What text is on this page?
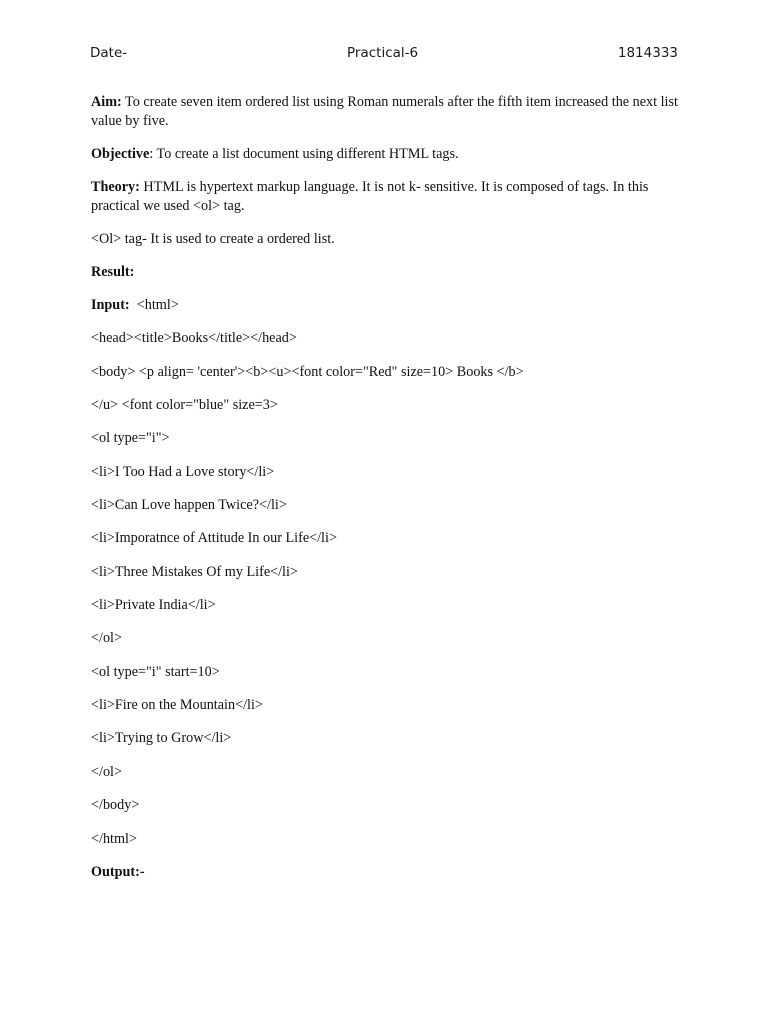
Date-	Practical-6	1814333

Aim: To create seven item ordered list using Roman numerals after the fifth item increased the next list value by five.

Objective: To create a list document using different HTML tags.

Theory: HTML is hypertext markup language. It is not k- sensitive. It is composed of tags. In this practical we used <ol> tag.

<Ol> tag- It is used to create a ordered list.

Result:

Input:  <html>
<head><title>Books</title></head>
<body> <p align= 'center'><b><u><font color="Red" size=10> Books </b>
</u> <font color="blue" size=3>
<ol type="i">
<li>I Too Had a Love story</li>
<li>Can Love happen Twice?</li>
<li>Imporatnce of Attitude In our Life</li>
<li>Three Mistakes Of my Life</li>
<li>Private India</li>
</ol>
<ol type="i" start=10>
<li>Fire on the Mountain</li>
<li>Trying to Grow</li>
</ol>
</body>
</html>

Output:-
